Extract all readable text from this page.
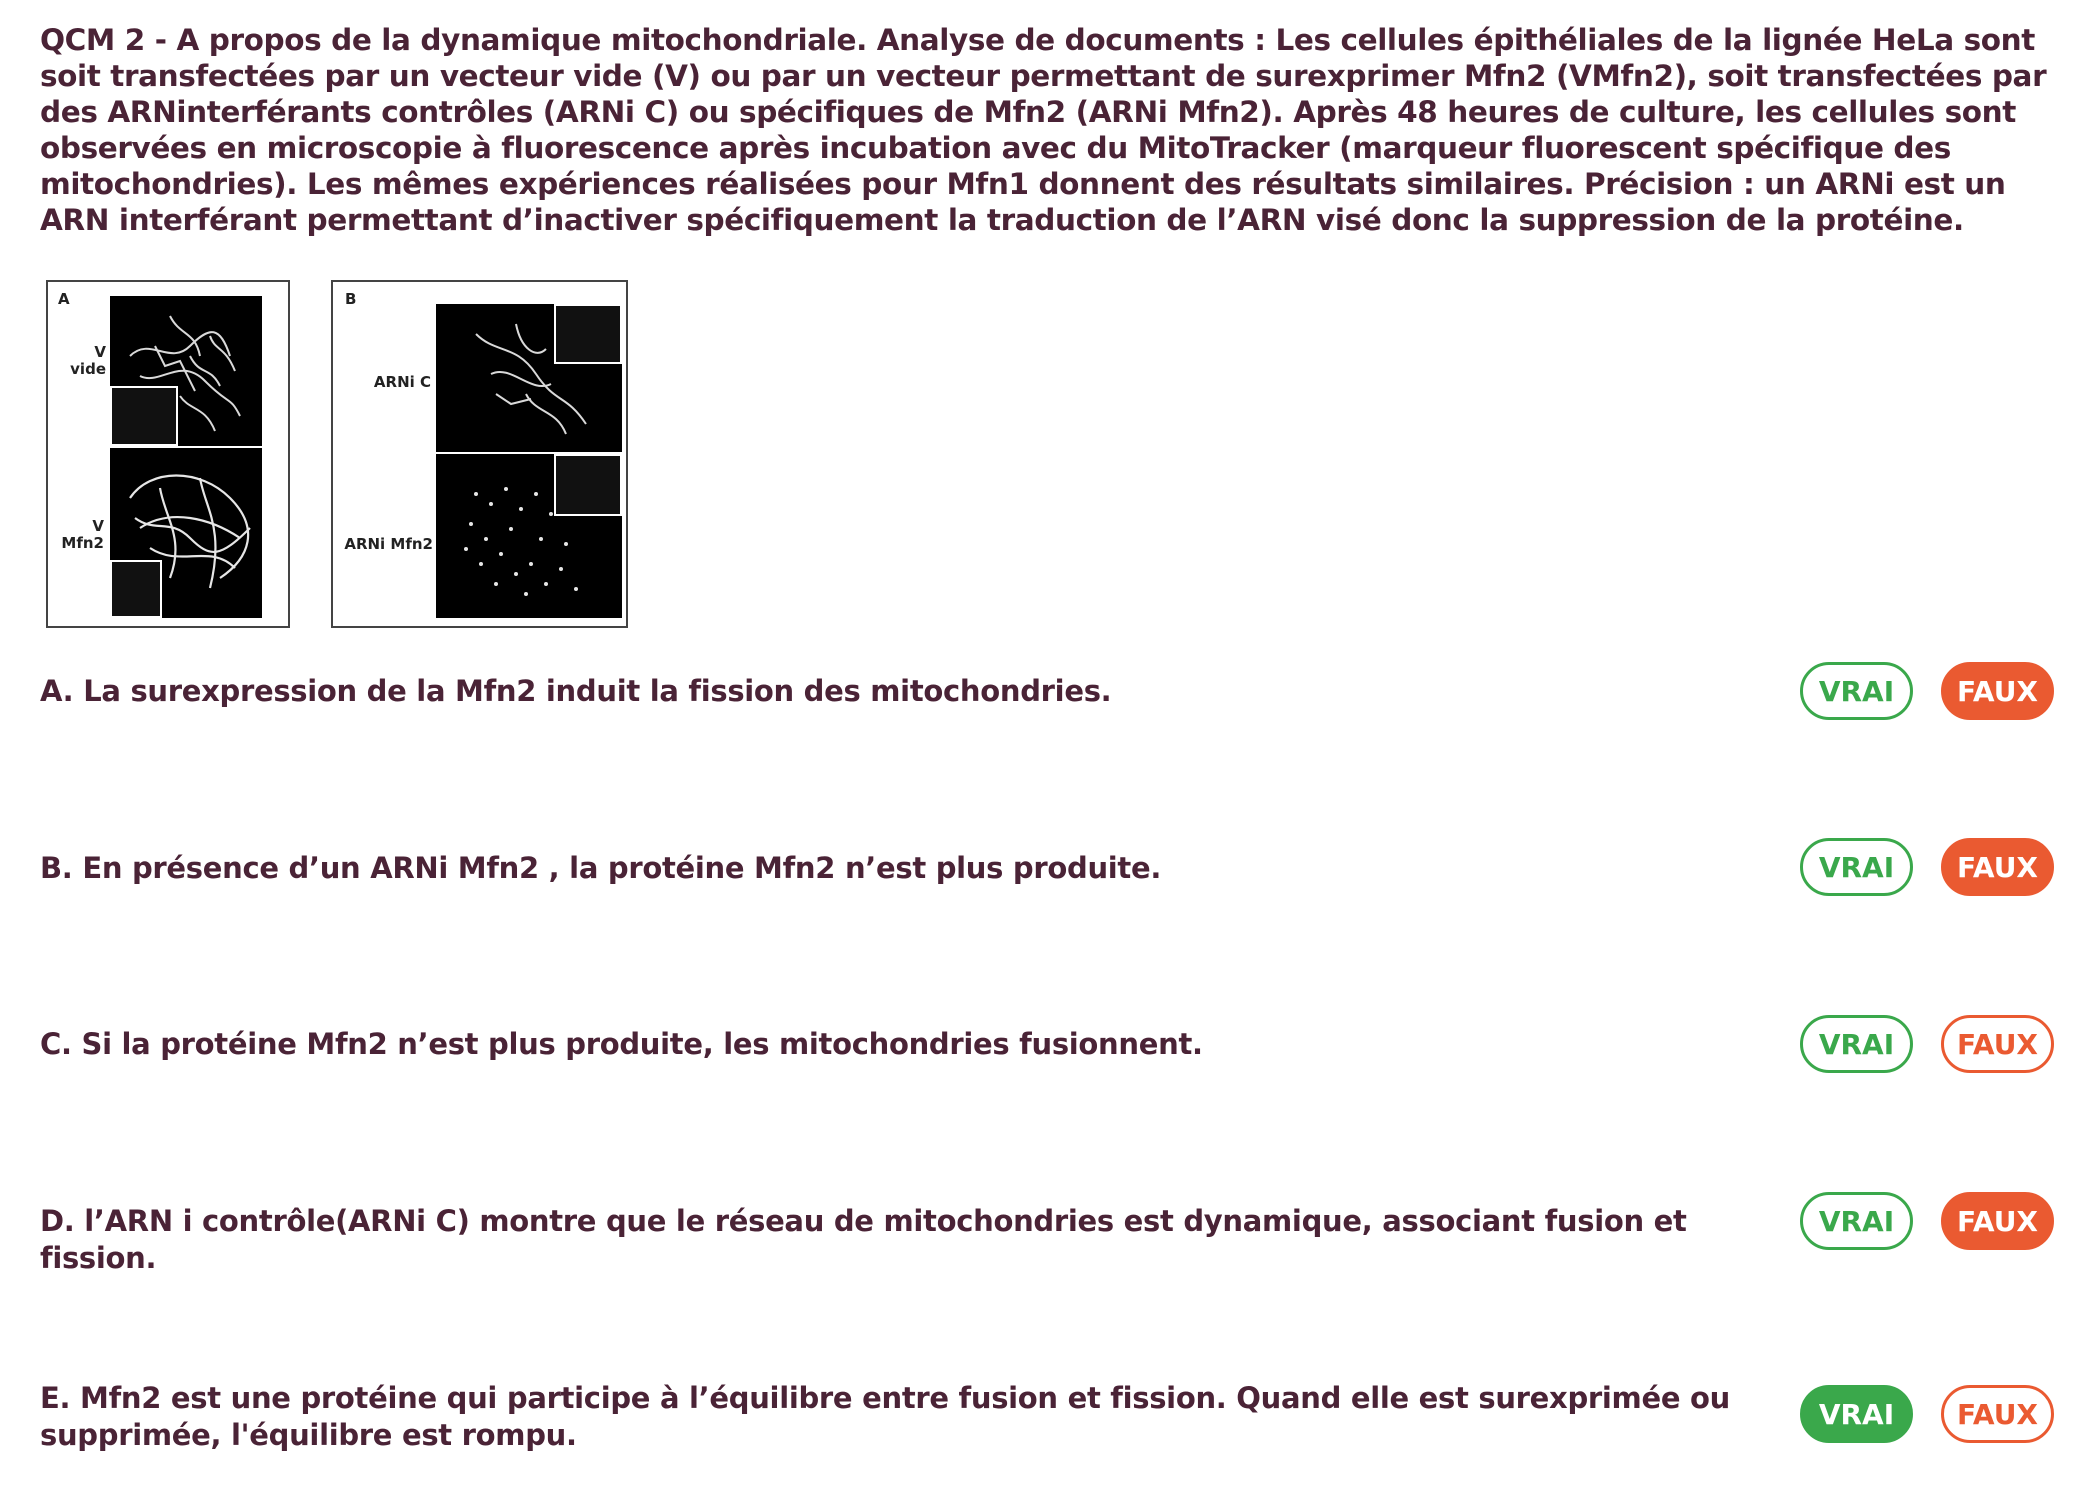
QCM 2 - A propos de la dynamique mitochondriale. Analyse de documents : Les cellules épithéliales de la lignée HeLa sont soit transfectées par un vecteur vide (V) ou par un vecteur permettant de surexprimer Mfn2 (VMfn2), soit transfectées par des ARNinterférants contrôles (ARNi C) ou spécifiques de Mfn2 (ARNi Mfn2). Après 48 heures de culture, les cellules sont observées en microscopie à fluorescence après incubation avec du MitoTracker (marqueur fluorescent spécifique des mitochondries). Les mêmes expériences réalisées pour Mfn1 donnent des résultats similaires. Précision : un ARNi est un ARN interférant permettant d’inactiver spécifiquement la traduction de l’ARN visé donc la suppression de la protéine.

A
V
vide
V
Mfn2
B
ARNi C
ARNi Mfn2

A. La surexpression de la Mfn2 induit la fission des mitochondries.	VRAI	FAUX

B. En présence d’un ARNi Mfn2 , la protéine Mfn2 n’est plus produite.	VRAI	FAUX

C. Si la protéine Mfn2 n’est plus produite, les mitochondries fusionnent.	VRAI	FAUX

D. l’ARN i contrôle(ARNi C) montre que le réseau de mitochondries est dynamique, associant fusion et fission.

VRAI	FAUX

E. Mfn2 est une protéine qui participe à l’équilibre entre fusion et fission. Quand elle est surexprimée ou supprimée, l'équilibre est rompu.

VRAI	FAUX
